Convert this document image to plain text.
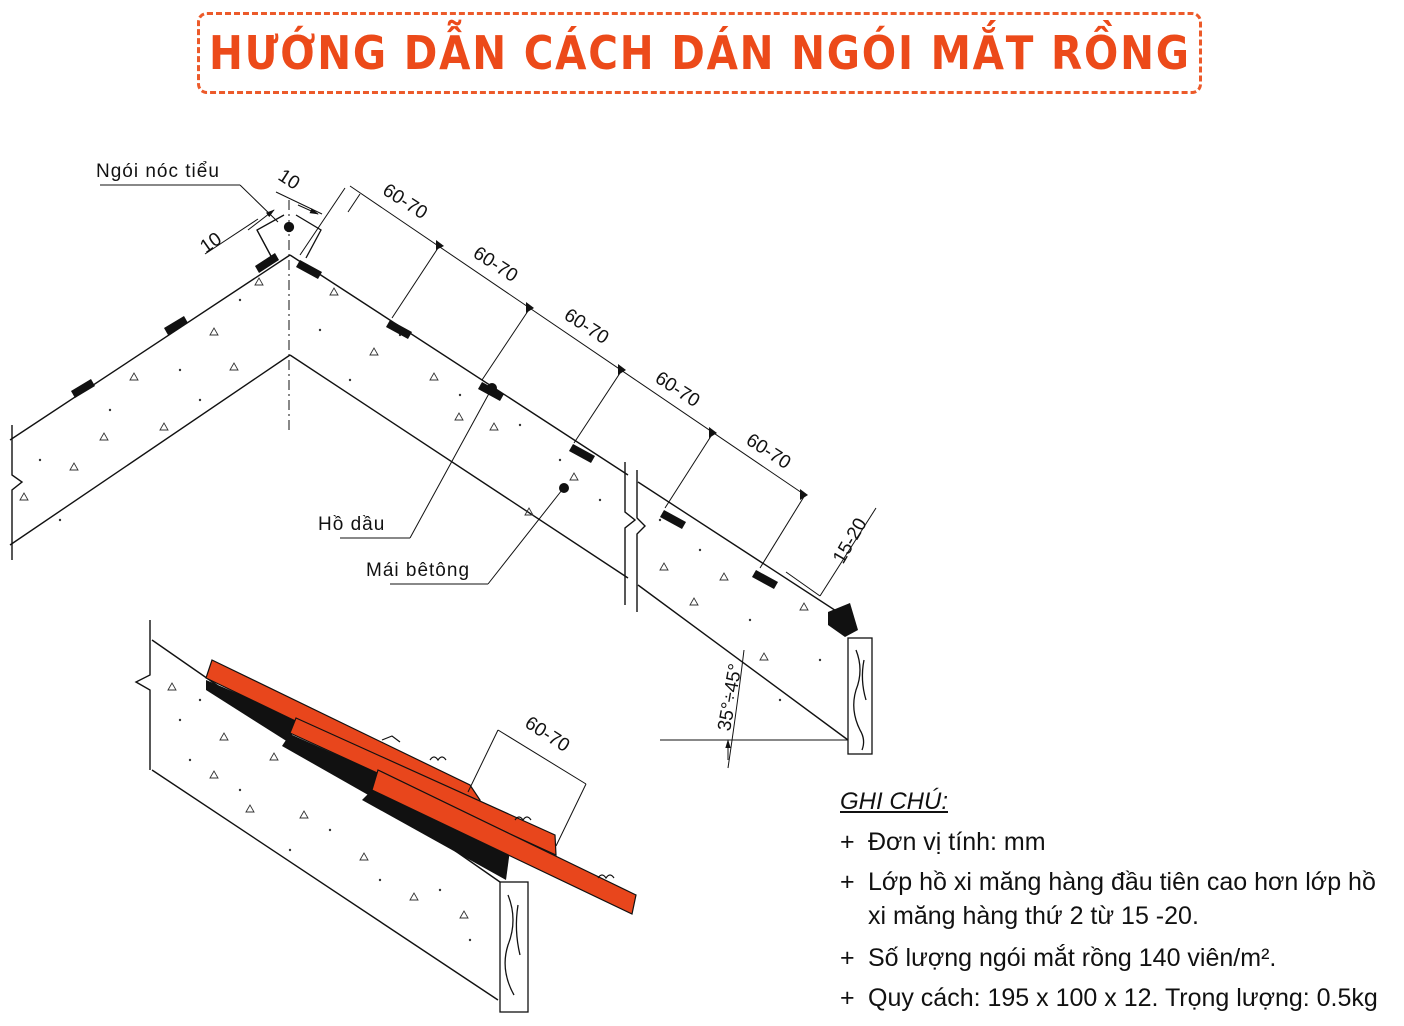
HƯỚNG DẪN CÁCH DÁN NGÓI MẮT RỒNG
10
10	60-70
60-70
60-70
60-70
60-70
15-20
35°÷45°
Ngói nóc tiểu
Hồ dầu
Mái bêtông
60-70
GHI CHÚ:
+ Đơn vị tính: mm
+ Lớp hồ xi măng hàng đầu tiên cao hơn lớp hồ
xi măng hàng thứ 2 từ 15 -20.
+ Số lượng ngói mắt rồng 140 viên/m².
+ Quy cách: 195 x 100 x 12. Trọng lượng: 0.5kg
